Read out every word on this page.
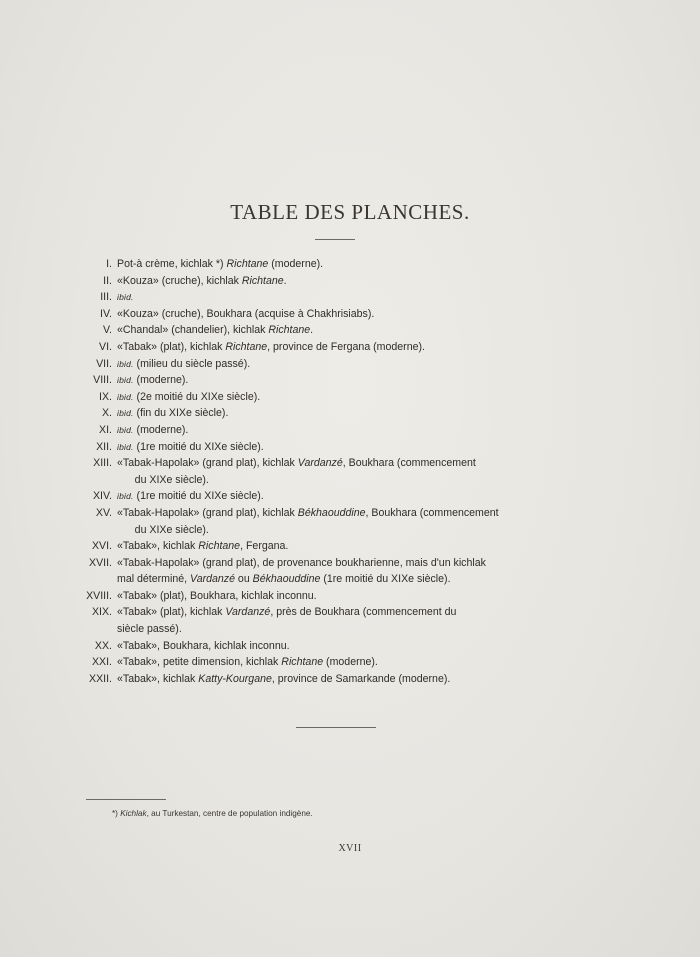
TABLE DES PLANCHES.
I. Pot-à crème, kichlak *) Richtane (moderne).
II. «Kouza» (cruche), kichlak Richtane.
III. ibid.
IV. «Kouza» (cruche), Boukhara (acquise à Chakhrisiabs).
V. «Chandal» (chandelier), kichlak Richtane.
VI. «Tabak» (plat), kichlak Richtane, province de Fergana (moderne).
VII. ibid. (milieu du siècle passé).
VIII. ibid. (moderne).
IX. ibid. (2e moitié du XIXe siècle).
X. ibid. (fin du XIXe siècle).
XI. ibid. (moderne).
XII. ibid. (1re moitié du XIXe siècle).
XIII. «Tabak-Hapolak» (grand plat), kichlak Vardanzé, Boukhara (commencement
du XIXe siècle).
XIV. ibid. (1re moitié du XIXe siècle).
XV. «Tabak-Hapolak» (grand plat), kichlak Békhaouddine, Boukhara (commencement
du XIXe siècle).
XVI. «Tabak», kichlak Richtane, Fergana.
XVII. «Tabak-Hapolak» (grand plat), de provenance boukharienne, mais d'un kichlak
mal déterminé, Vardanzé ou Békhaouddine (1re moitié du XIXe siècle).
XVIII. «Tabak» (plat), Boukhara, kichlak inconnu.
XIX. «Tabak» (plat), kichlak Vardanzé, près de Boukhara (commencement du
siècle passé).
XX. «Tabak», Boukhara, kichlak inconnu.
XXI. «Tabak», petite dimension, kichlak Richtane (moderne).
XXII. «Tabak», kichlak Katty-Kourgane, province de Samarkande (moderne).
*) Kichlak, au Turkestan, centre de population indigène.
XVII
